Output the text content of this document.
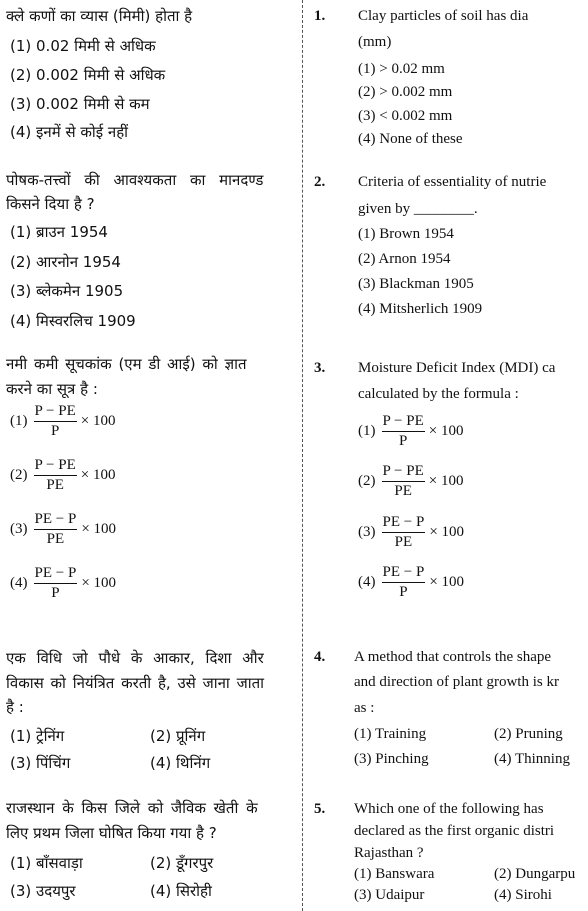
क्ले कणों का व्यास (मिमी) होता है
(1) 0.02 मिमी से अधिक
(2) 0.002 मिमी से अधिक
(3) 0.002 मिमी से कम
(4) इनमें से कोई नहीं
पोषक-तत्त्वों की आवश्यकता का मानदण्ड
किसने दिया है ?
(1) ब्राउन 1954
(2) आरनोन 1954
(3) ब्लेकमेन 1905
(4) मिस्वरलिच 1909
नमी कमी सूचकांक (एम डी आई) को ज्ञात
करने का सूत्र है :
$(1) \frac{P - PE}{P} \times 100$
$(2) \frac{P - PE}{PE} \times 100$
$(3) \frac{PE - P}{PE} \times 100$
$(4) \frac{PE - P}{P} \times 100$
एक विधि जो पौधे के आकार, दिशा और
विकास को नियंत्रित करती है, उसे जाना जाता
है :
(1) ट्रेनिंग	(2) प्रूनिंग
(3) पिंचिंग	(4) थिनिंग
राजस्थान के किस जिले को जैविक खेती के
लिए प्रथम जिला घोषित किया गया है ?
(1) बाँसवाड़ा	(2) डूँगरपुर
(3) उदयपुर	(4) सिरोही
1. Clay particles of soil has dia
(mm)
(1) > 0.02 mm
(2) > 0.002 mm
(3) < 0.002 mm
(4) None of these
2. Criteria of essentiality of nutrie
given by ________.
(1) Brown 1954
(2) Arnon 1954
(3) Blackman 1905
(4) Mitsherlich 1909
3. Moisture Deficit Index (MDI) ca
calculated by the formula :
$(1) \frac{P - PE}{P} \times 100$
$(2) \frac{P - PE}{PE} \times 100$
$(3) \frac{PE - P}{PE} \times 100$
$(4) \frac{PE - P}{P} \times 100$
4. A method that controls the shape
and direction of plant growth is kr
as :
(1) Training	(2) Pruning
(3) Pinching	(4) Thinning
5. Which one of the following has
declared as the first organic distri
Rajasthan ?
(1) Banswara	(2) Dungarpu
(3) Udaipur	(4) Sirohi
